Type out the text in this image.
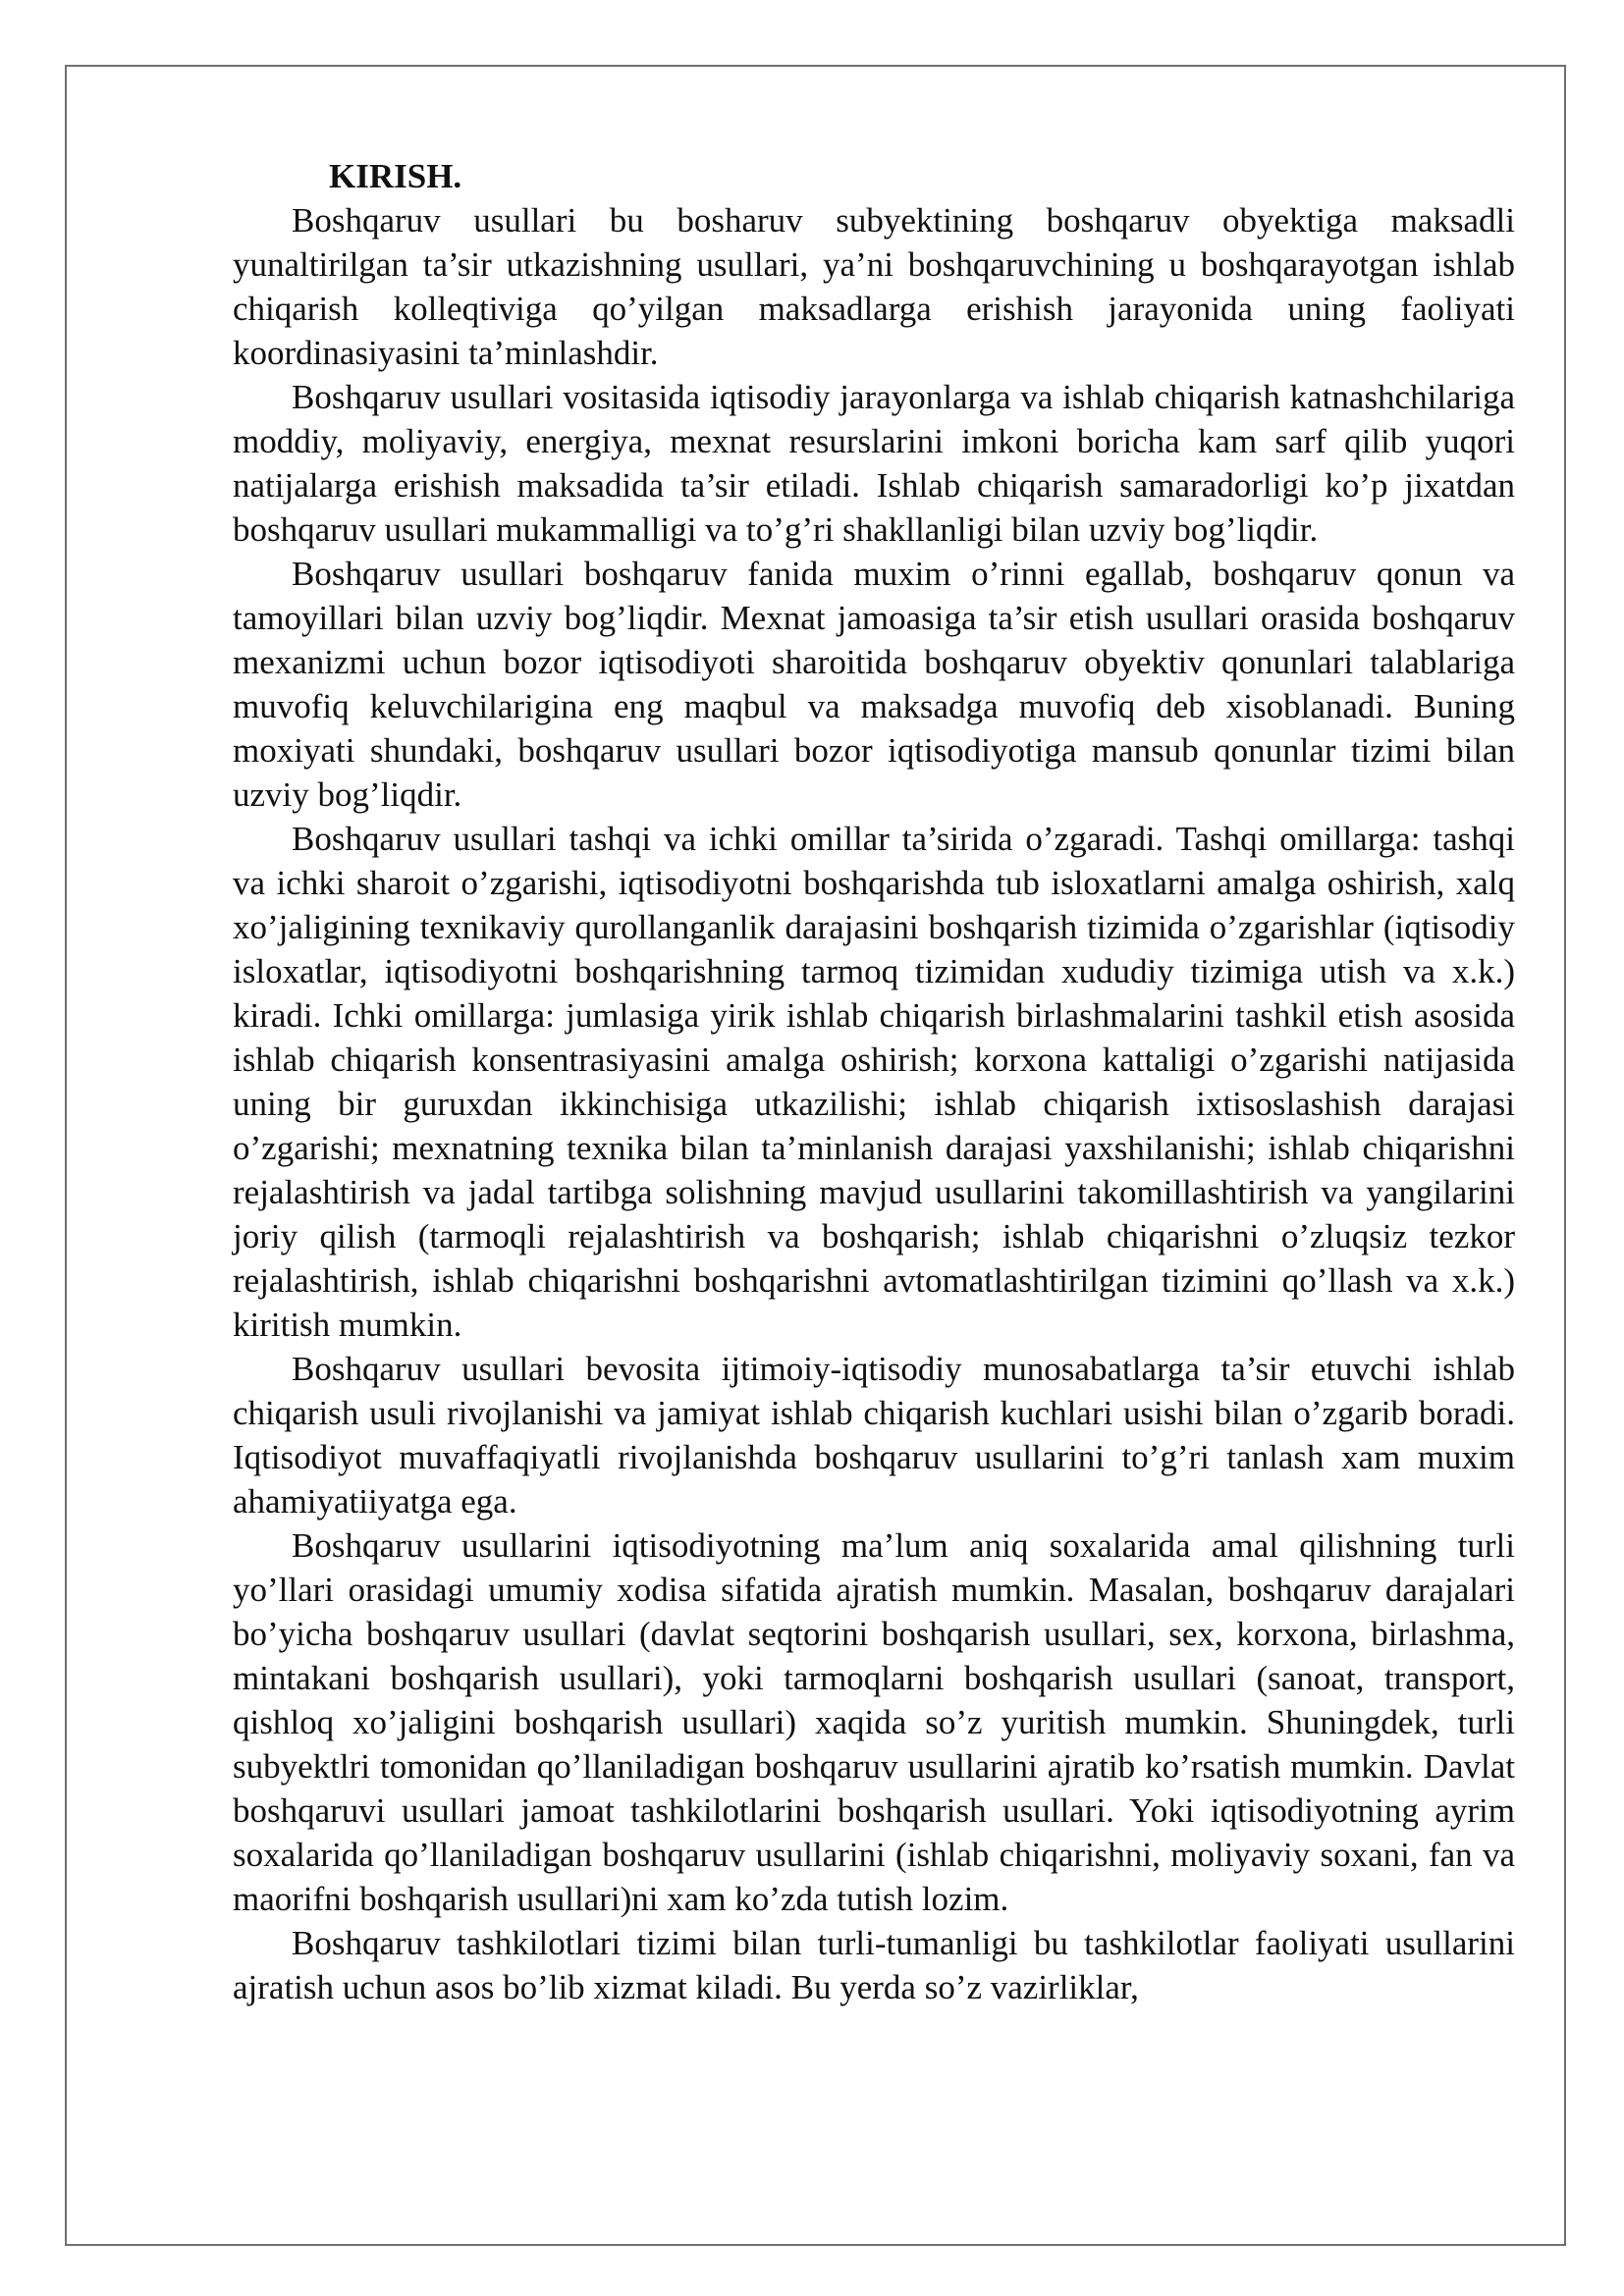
KIRISH.

Boshqaruv usullari bu bosharuv subyektining boshqaruv obyektiga maksadli yunaltirilgan ta’sir utkazishning usullari, ya’ni boshqaruvchining u boshqarayotgan ishlab chiqarish kolleqtiviga qo’yilgan maksadlarga erishish jarayonida uning faoliyati koordinasiyasini ta’minlashdir.

Boshqaruv usullari vositasida iqtisodiy jarayonlarga va ishlab chiqarish katnashchilariga moddiy, moliyaviy, energiya, mexnat resurslarini imkoni boricha kam sarf qilib yuqori natijalarga erishish maksadida ta’sir etiladi. Ishlab chiqarish samaradorligi ko’p jixatdan boshqaruv usullari mukammalligi va to’g’ri shakllanligi bilan uzviy bog’liqdir.

Boshqaruv usullari boshqaruv fanida muxim o’rinni egallab, boshqaruv qonun va tamoyillari bilan uzviy bog’liqdir. Mexnat jamoasiga ta’sir etish usullari orasida boshqaruv mexanizmi uchun bozor iqtisodiyoti sharoitida boshqaruv obyektiv qonunlari talablariga muvofiq keluvchilarigina eng maqbul va maksadga muvofiq deb xisoblanadi. Buning moxiyati shundaki, boshqaruv usullari bozor iqtisodiyotiga mansub qonunlar tizimi bilan uzviy bog’liqdir.

Boshqaruv usullari tashqi va ichki omillar ta’sirida o’zgaradi. Tashqi omillarga: tashqi va ichki sharoit o’zgarishi, iqtisodiyotni boshqarishda tub isloxatlarni amalga oshirish, xalq xo’jaligining texnikaviy qurollanganlik darajasini boshqarish tizimida o’zgarishlar (iqtisodiy isloxatlar, iqtisodiyotni boshqarishning tarmoq tizimidan xududiy tizimiga utish va x.k.) kiradi. Ichki omillarga: jumlasiga yirik ishlab chiqarish birlashmalarini tashkil etish asosida ishlab chiqarish konsentrasiyasini amalga oshirish; korxona kattaligi o’zgarishi natijasida uning bir guruxdan ikkinchisiga utkazilishi; ishlab chiqarish ixtisoslashish darajasi o’zgarishi; mexnatning texnika bilan ta’minlanish darajasi yaxshilanishi; ishlab chiqarishni rejalashtirish va jadal tartibga solishning mavjud usullarini takomillashtirish va yangilarini joriy qilish (tarmoqli rejalashtirish va boshqarish; ishlab chiqarishni o’zluqsiz tezkor rejalashtirish, ishlab chiqarishni boshqarishni avtomatlashtirilgan tizimini qo’llash va x.k.) kiritish mumkin.

Boshqaruv usullari bevosita ijtimoiy-iqtisodiy munosabatlarga ta’sir etuvchi ishlab chiqarish usuli rivojlanishi va jamiyat ishlab chiqarish kuchlari usishi bilan o’zgarib boradi. Iqtisodiyot muvaffaqiyatli rivojlanishda boshqaruv usullarini to’g’ri tanlash xam muxim ahamiyatiiyatga ega.

Boshqaruv usullarini iqtisodiyotning ma’lum aniq soxalarida amal qilishning turli yo’llari orasidagi umumiy xodisa sifatida ajratish mumkin. Masalan, boshqaruv darajalari bo’yicha boshqaruv usullari (davlat seqtorini boshqarish usullari, sex, korxona, birlashma, mintakani boshqarish usullari), yoki tarmoqlarni boshqarish usullari (sanoat, transport, qishloq xo’jaligini boshqarish usullari) xaqida so’z yuritish mumkin. Shuningdek, turli subyektlri tomonidan qo’llaniladigan boshqaruv usullarini ajratib ko’rsatish mumkin. Davlat boshqaruvi usullari jamoat tashkilotlarini boshqarish usullari. Yoki iqtisodiyotning ayrim soxalarida qo’llaniladigan boshqaruv usullarini (ishlab chiqarishni, moliyaviy soxani, fan va maorifni boshqarish usullari)ni xam ko’zda tutish lozim.

Boshqaruv tashkilotlari tizimi bilan turli-tumanligi bu tashkilotlar faoliyati usullarini ajratish uchun asos bo’lib xizmat kiladi. Bu yerda so’z vazirliklar,
